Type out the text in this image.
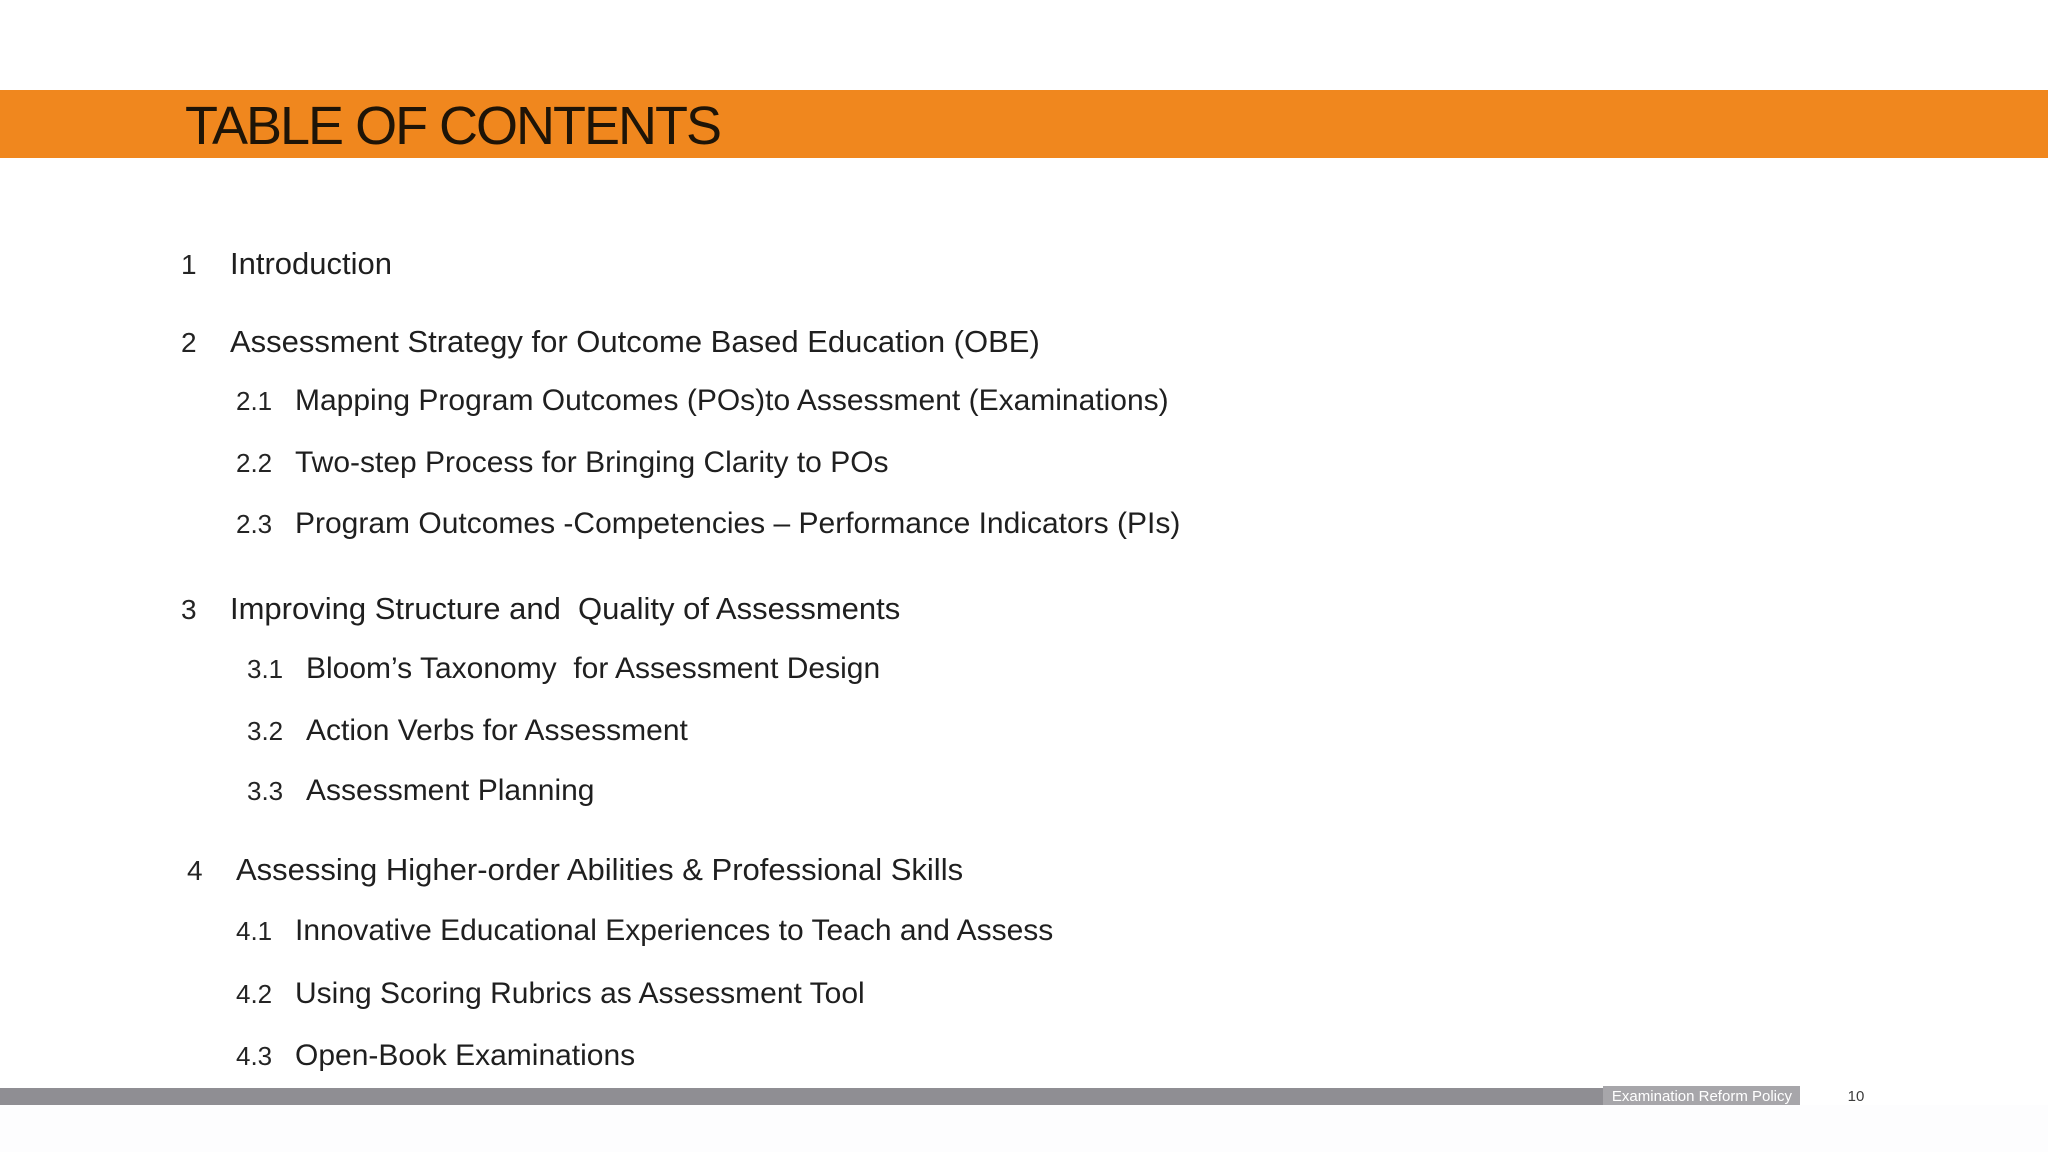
TABLE OF CONTENTS
1	Introduction
2	Assessment Strategy for Outcome Based Education (OBE)
2.1 Mapping Program Outcomes (POs)to Assessment (Examinations)
2.2 Two-step Process for Bringing Clarity to POs
2.3 Program Outcomes -Competencies – Performance Indicators (PIs)
3	Improving Structure and  Quality of Assessments
3.1 Bloom’s Taxonomy  for Assessment Design
3.2 Action Verbs for Assessment
3.3 Assessment Planning
4	Assessing Higher-order Abilities & Professional Skills
4.1 Innovative Educational Experiences to Teach and Assess
4.2 Using Scoring Rubrics as Assessment Tool
4.3 Open-Book Examinations
Examination Reform Policy	10
